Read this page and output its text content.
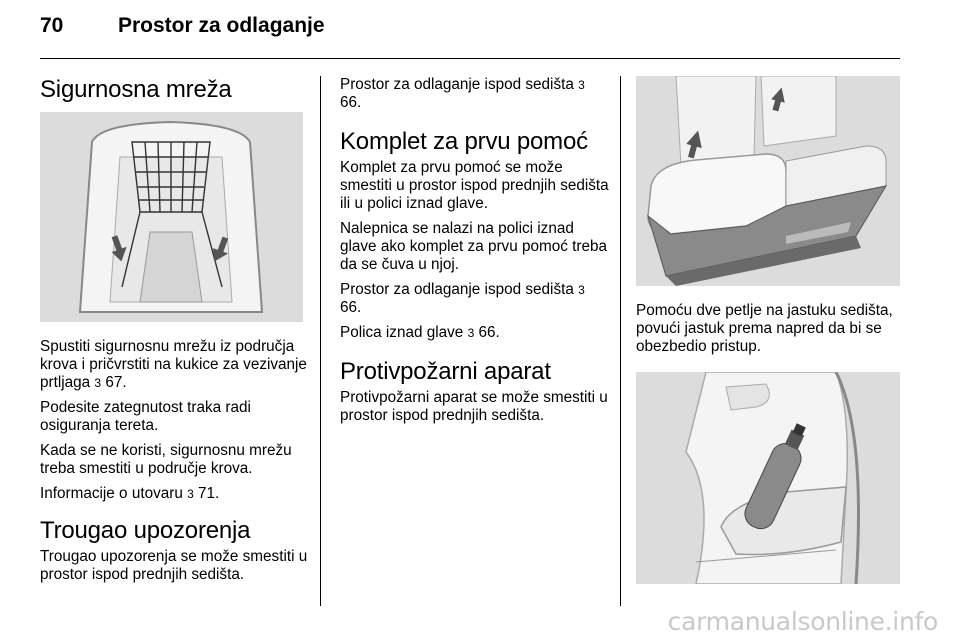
70	Prostor za odlaganje
Sigurnosna mreža

Spustiti sigurnosnu mrežu iz područja krova i pričvrstiti na kukice za vezivanje prtljaga 3 67.

Podesite zategnutost traka radi osiguranja tereta.

Kada se ne koristi, sigurnosnu mrežu treba smestiti u područje krova.

Informacije o utovaru 3 71.

Trougao upozorenja

Trougao upozorenja se može smestiti u prostor ispod prednjih sedišta.

Prostor za odlaganje ispod sedišta 3 66.

Komplet za prvu pomoć

Komplet za prvu pomoć se može smestiti u prostor ispod prednjih sedišta ili u polici iznad glave.

Nalepnica se nalazi na polici iznad glave ako komplet za prvu pomoć treba da se čuva u njoj.

Prostor za odlaganje ispod sedišta 3 66.

Polica iznad glave 3 66.

Protivpožarni aparat

Protivpožarni aparat se može smestiti u prostor ispod prednjih sedišta.

Pomoću dve petlje na jastuku sedišta, povući jastuk prema napred da bi se obezbedio pristup.

carmanualsonline.info
